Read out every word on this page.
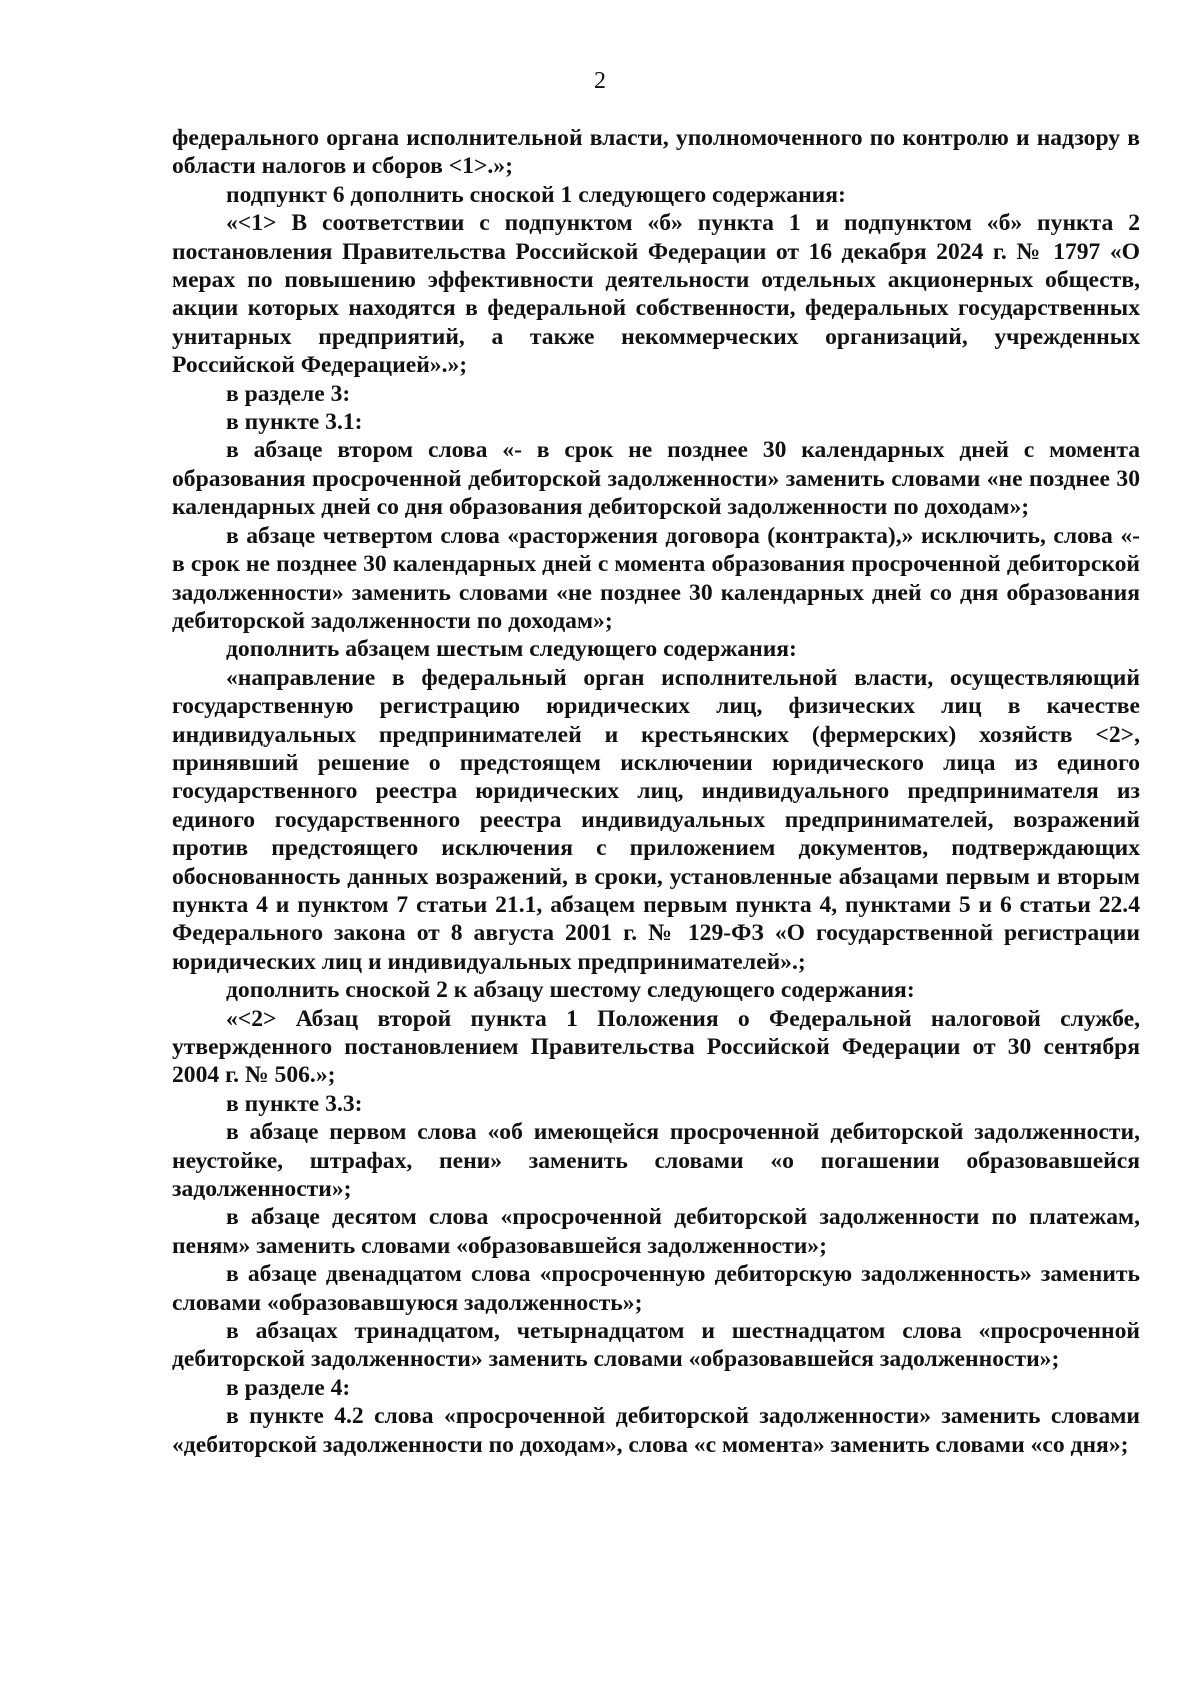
2

федерального органа исполнительной власти, уполномоченного по контролю и надзору в области налогов и сборов <1>.»;

подпункт 6 дополнить сноской 1 следующего содержания:

«<1> В соответствии с подпунктом «б» пункта 1 и подпунктом «б» пункта 2 постановления Правительства Российской Федерации от 16 декабря 2024 г. № 1797 «О мерах по повышению эффективности деятельности отдельных акционерных обществ, акции которых находятся в федеральной собственности, федеральных государственных унитарных предприятий, а также некоммерческих организаций, учрежденных Российской Федерацией».»;

в разделе 3:

в пункте 3.1:

в абзаце втором слова «- в срок не позднее 30 календарных дней с момента образования просроченной дебиторской задолженности» заменить словами «не позднее 30 календарных дней со дня образования дебиторской задолженности по доходам»;

в абзаце четвертом слова «расторжения договора (контракта),» исключить, слова «- в срок не позднее 30 календарных дней с момента образования просроченной дебиторской задолженности» заменить словами «не позднее 30 календарных дней со дня образования дебиторской задолженности по доходам»;

дополнить абзацем шестым следующего содержания:

«направление в федеральный орган исполнительной власти, осуществляющий государственную регистрацию юридических лиц, физических лиц в качестве индивидуальных предпринимателей и крестьянских (фермерских) хозяйств <2>, принявший решение о предстоящем исключении юридического лица из единого государственного реестра юридических лиц, индивидуального предпринимателя из единого государственного реестра индивидуальных предпринимателей, возражений против предстоящего исключения с приложением документов, подтверждающих обоснованность данных возражений, в сроки, установленные абзацами первым и вторым пункта 4 и пунктом 7 статьи 21.1, абзацем первым пункта 4, пунктами 5 и 6 статьи 22.4 Федерального закона от 8 августа 2001 г. № 129-ФЗ «О государственной регистрации юридических лиц и индивидуальных предпринимателей».;

дополнить сноской 2 к абзацу шестому следующего содержания:

«<2> Абзац второй пункта 1 Положения о Федеральной налоговой службе, утвержденного постановлением Правительства Российской Федерации от 30 сентября 2004 г. № 506.»;

в пункте 3.3:

в абзаце первом слова «об имеющейся просроченной дебиторской задолженности, неустойке, штрафах, пени» заменить словами «о погашении образовавшейся задолженности»;

в абзаце десятом слова «просроченной дебиторской задолженности по платежам, пеням» заменить словами «образовавшейся задолженности»;

в абзаце двенадцатом слова «просроченную дебиторскую задолженность» заменить словами «образовавшуюся задолженность»;

в абзацах тринадцатом, четырнадцатом и шестнадцатом слова «просроченной дебиторской задолженности» заменить словами «образовавшейся задолженности»;

в разделе 4:

в пункте 4.2 слова «просроченной дебиторской задолженности» заменить словами «дебиторской задолженности по доходам», слова «с момента» заменить словами «со дня»;
